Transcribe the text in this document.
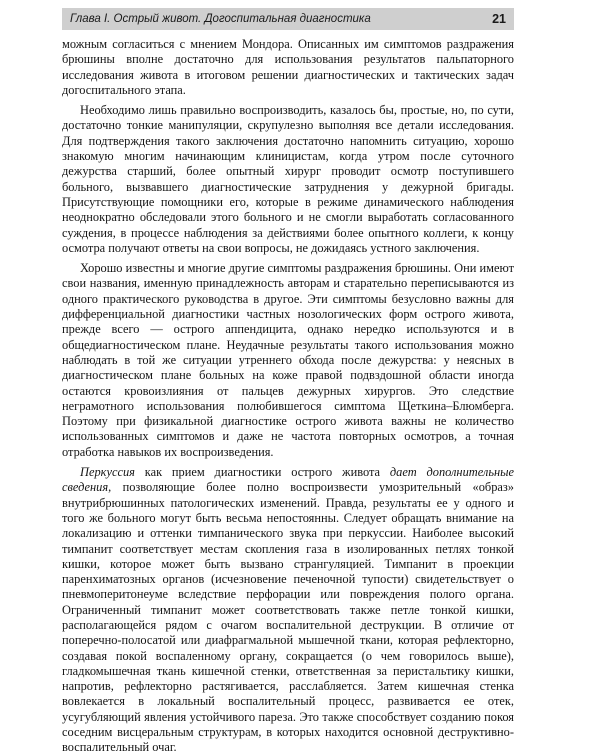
Глава I. Острый живот. Догоспитальная диагностика	21

можным согласиться с мнением Мондора. Описанных им симптомов раздражения брюшины вполне достаточно для использования результатов пальпаторного исследования живота в итоговом решении диагностических и тактических задач догоспитального этапа.

Необходимо лишь правильно воспроизводить, казалось бы, простые, но, по сути, достаточно тонкие манипуляции, скрупулезно выполняя все детали исследования. Для подтверждения такого заключения достаточно напомнить ситуацию, хорошо знакомую многим начинающим клиницистам, когда утром после суточного дежурства старший, более опытный хирург проводит осмотр поступившего больного, вызвавшего диагностические затруднения у дежурной бригады. Присутствующие помощники его, которые в режиме динамического наблюдения неоднократно обследовали этого больного и не смогли выработать согласованного суждения, в процессе наблюдения за действиями более опытного коллеги, к концу осмотра получают ответы на свои вопросы, не дожидаясь устного заключения.

Хорошо известны и многие другие симптомы раздражения брюшины. Они имеют свои названия, именную принадлежность авторам и старательно переписываются из одного практического руководства в другое. Эти симптомы безусловно важны для дифференциальной диагностики частных нозологических форм острого живота, прежде всего — острого аппендицита, однако нередко используются и в общедиагностическом плане. Неудачные результаты такого использования можно наблюдать в той же ситуации утреннего обхода после дежурства: у неясных в диагностическом плане больных на коже правой подвздошной области иногда остаются кровоизлияния от пальцев дежурных хирургов. Это следствие неграмотного использования полюбившегося симптома Щеткина–Блюмберга. Поэтому при физикальной диагностике острого живота важны не количество использованных симптомов и даже не частота повторных осмотров, а точная отработка навыков их воспроизведения.

Перкуссия как прием диагностики острого живота дает дополнительные сведения, позволяющие более полно воспроизвести умозрительный «образ» внутрибрюшинных патологических изменений. Правда, результаты ее у одного и того же больного могут быть весьма непостоянны. Следует обращать внимание на локализацию и оттенки тимпанического звука при перкуссии. Наиболее высокий тимпанит соответствует местам скопления газа в изолированных петлях тонкой кишки, которое может быть вызвано странгуляцией. Тимпанит в проекции паренхиматозных органов (исчезновение печеночной тупости) свидетельствует о пневмоперитонеуме вследствие перфорации или повреждения полого органа. Ограниченный тимпанит может соответствовать также петле тонкой кишки, располагающейся рядом с очагом воспалительной деструкции. В отличие от поперечно-полосатой или диафрагмальной мышечной ткани, которая рефлекторно, создавая покой воспаленному органу, сокращается (о чем говорилось выше), гладкомышечная ткань кишечной стенки, ответственная за перистальтику кишки, напротив, рефлекторно растягивается, расслабляется. Затем кишечная стенка вовлекается в локальный воспалительный процесс, развивается ее отек, усугубляющий явления устойчивого пареза. Это также способствует созданию покоя соседним висцеральным структурам, в которых находится основной деструктивно-воспалительный очаг.
